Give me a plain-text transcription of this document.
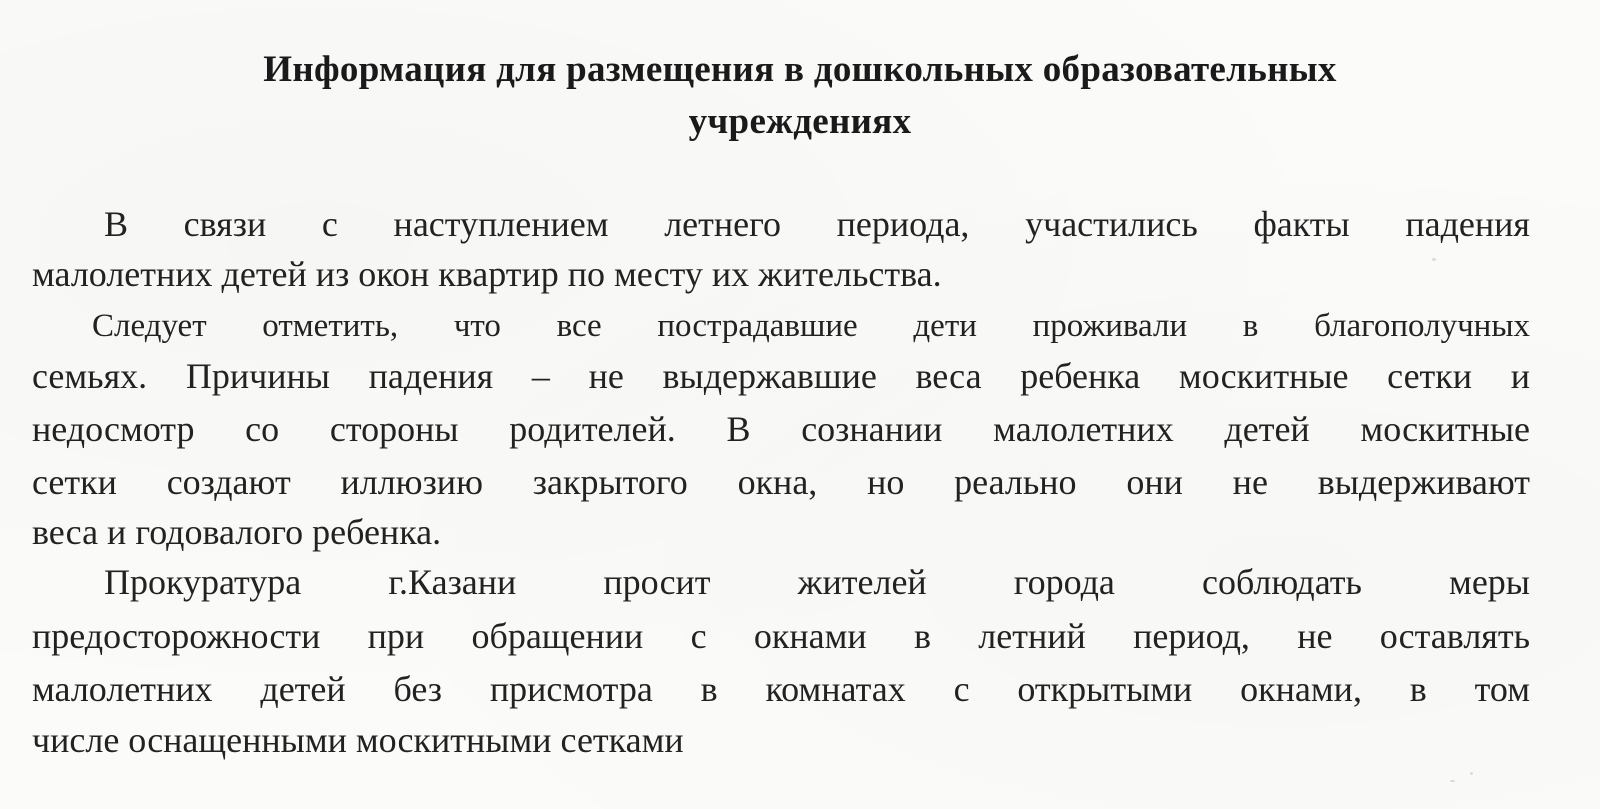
Информация для размещения в дошкольных образовательных
учреждениях
В связи с наступлением летнего периода, участились факты падения
малолетних детей из окон квартир по месту их жительства.
Следует отметить, что все пострадавшие дети проживали в благополучных
семьях. Причины падения – не выдержавшие веса ребенка москитные сетки и
недосмотр со стороны родителей. В сознании малолетних детей москитные
сетки создают иллюзию закрытого окна, но реально они не выдерживают
веса и годовалого ребенка.
Прокуратура г.Казани просит жителей города соблюдать меры
предосторожности при обращении с окнами в летний период, не оставлять
малолетних детей без присмотра в комнатах с открытыми окнами, в том
числе оснащенными москитными сетками
